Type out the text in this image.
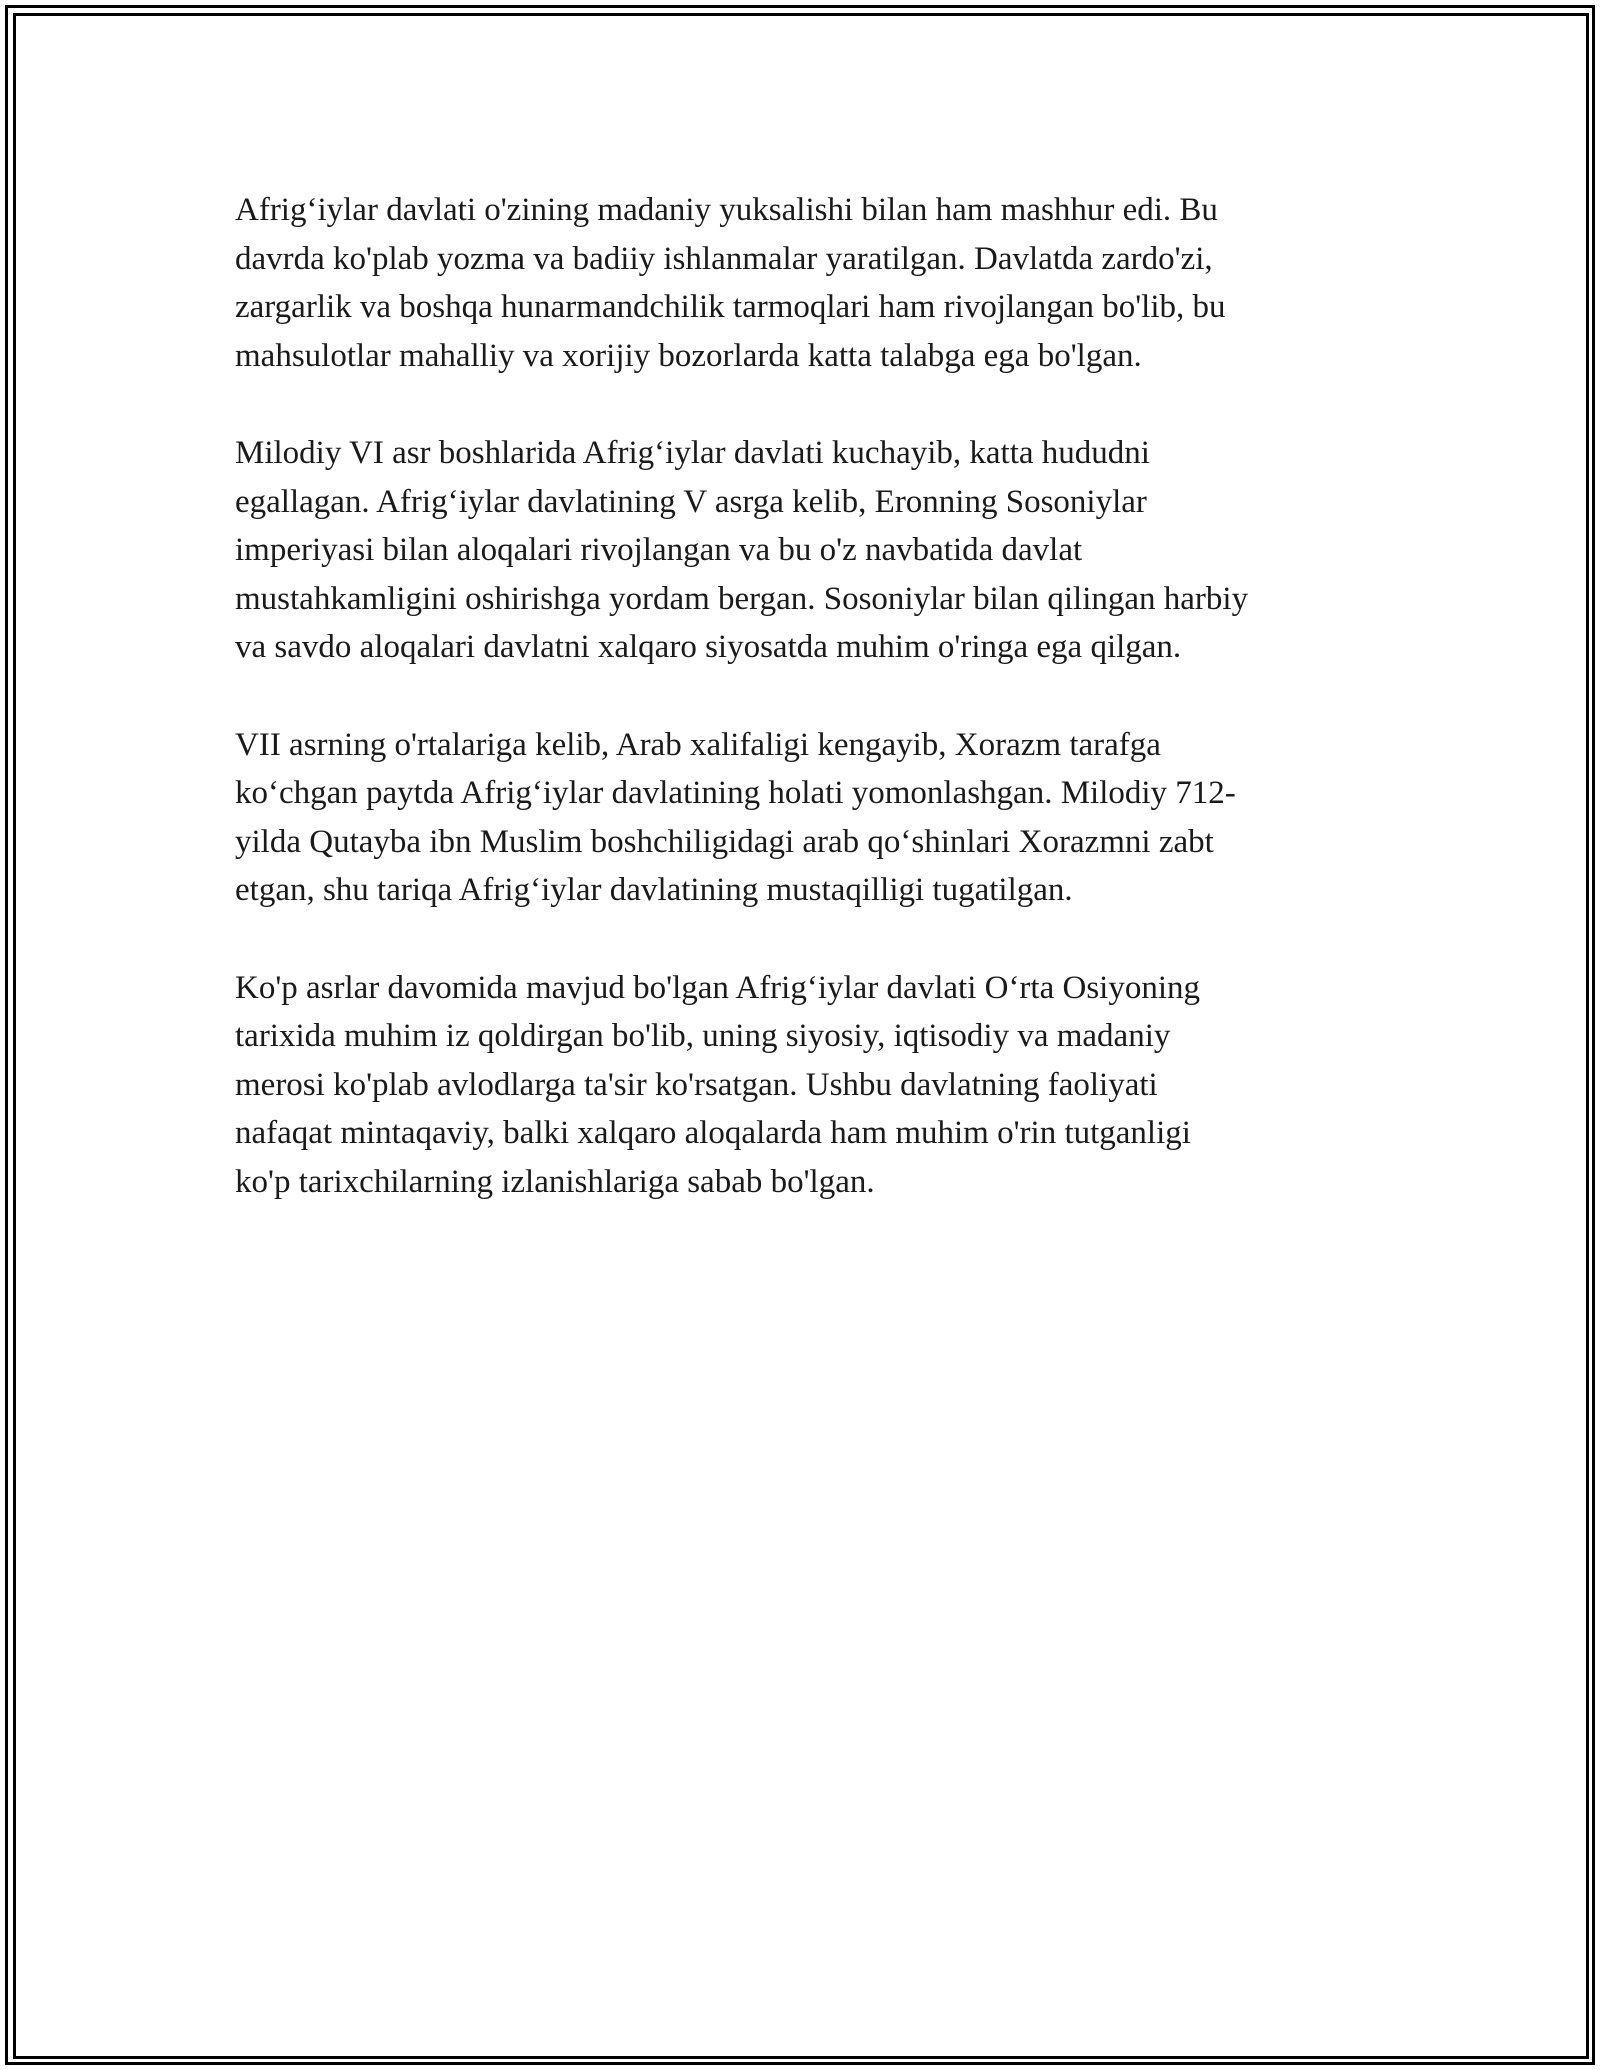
Afrig‘iylar davlati o'zining madaniy yuksalishi bilan ham mashhur edi. Bu
davrda ko'plab yozma va badiiy ishlanmalar yaratilgan. Davlatda zardo'zi,
zargarlik va boshqa hunarmandchilik tarmoqlari ham rivojlangan bo'lib, bu
mahsulotlar mahalliy va xorijiy bozorlarda katta talabga ega bo'lgan.

Milodiy VI asr boshlarida Afrig‘iylar davlati kuchayib, katta hududni
egallagan. Afrig‘iylar davlatining V asrga kelib, Eronning Sosoniylar
imperiyasi bilan aloqalari rivojlangan va bu o'z navbatida davlat
mustahkamligini oshirishga yordam bergan. Sosoniylar bilan qilingan harbiy
va savdo aloqalari davlatni xalqaro siyosatda muhim o'ringa ega qilgan.

VII asrning o'rtalariga kelib, Arab xalifaligi kengayib, Xorazm tarafga
ko‘chgan paytda Afrig‘iylar davlatining holati yomonlashgan. Milodiy 712-
yilda Qutayba ibn Muslim boshchiligidagi arab qo‘shinlari Xorazmni zabt
etgan, shu tariqa Afrig‘iylar davlatining mustaqilligi tugatilgan.

Ko'p asrlar davomida mavjud bo'lgan Afrig‘iylar davlati O‘rta Osiyoning
tarixida muhim iz qoldirgan bo'lib, uning siyosiy, iqtisodiy va madaniy
merosi ko'plab avlodlarga ta'sir ko'rsatgan. Ushbu davlatning faoliyati
nafaqat mintaqaviy, balki xalqaro aloqalarda ham muhim o'rin tutganligi
ko'p tarixchilarning izlanishlariga sabab bo'lgan.
